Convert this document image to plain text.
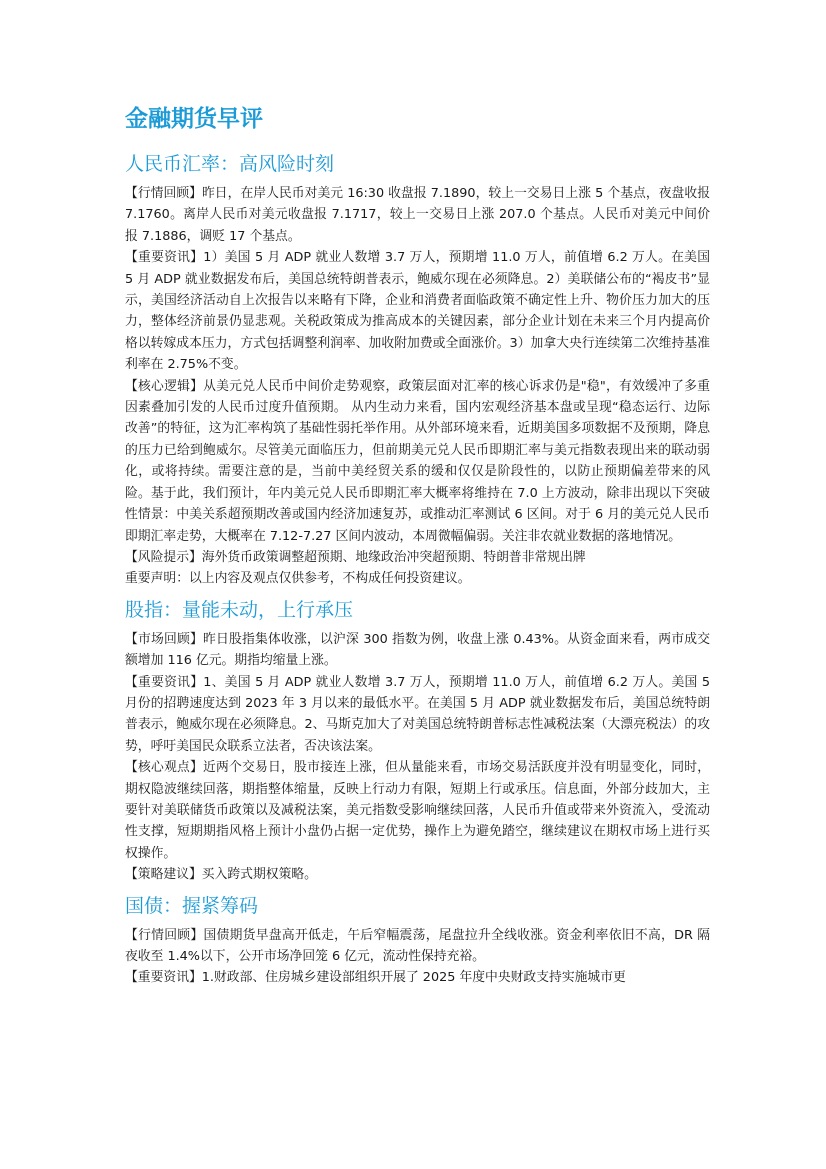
金融期货早评
人民币汇率：高风险时刻

【行情回顾】昨日，在岸人民币对美元 16:30 收盘报 7.1890，较上一交易日上涨 5 个基点，夜盘收报 7.1760。离岸人民币对美元收盘报 7.1717，较上一交易日上涨 207.0 个基点。人民币对美元中间价报 7.1886，调贬 17 个基点。

【重要资讯】1）美国 5 月 ADP 就业人数增 3.7 万人，预期增 11.0 万人，前值增 6.2 万人。在美国 5 月 ADP 就业数据发布后，美国总统特朗普表示，鲍威尔现在必须降息。2）美联储公布的“褐皮书”显示，美国经济活动自上次报告以来略有下降，企业和消费者面临政策不确定性上升、物价压力加大的压力，整体经济前景仍显悲观。关税政策成为推高成本的关键因素，部分企业计划在未来三个月内提高价格以转嫁成本压力，方式包括调整利润率、加收附加费或全面涨价。3）加拿大央行连续第二次维持基准利率在 2.75%不变。

【核心逻辑】从美元兑人民币中间价走势观察，政策层面对汇率的核心诉求仍是"稳"，有效缓冲了多重因素叠加引发的人民币过度升值预期。 从内生动力来看，国内宏观经济基本盘或呈现“稳态运行、边际改善”的特征，这为汇率构筑了基础性弱托举作用。从外部环境来看，近期美国多项数据不及预期，降息的压力已给到鲍威尔。尽管美元面临压力，但前期美元兑人民币即期汇率与美元指数表现出来的联动弱化，或将持续。需要注意的是，当前中美经贸关系的缓和仅仅是阶段性的，以防止预期偏差带来的风险。基于此，我们预计，年内美元兑人民币即期汇率大概率将维持在 7.0 上方波动，除非出现以下突破性情景：中美关系超预期改善或国内经济加速复苏，或推动汇率测试 6 区间。对于 6 月的美元兑人民币即期汇率走势，大概率在 7.12-7.27 区间内波动，本周微幅偏弱。关注非农就业数据的落地情况。

【风险提示】海外货币政策调整超预期、地缘政治冲突超预期、特朗普非常规出牌

重要声明：以上内容及观点仅供参考，不构成任何投资建议。

股指：量能未动，上行承压

【市场回顾】昨日股指集体收涨，以沪深 300 指数为例，收盘上涨 0.43%。从资金面来看，两市成交额增加 116 亿元。期指均缩量上涨。

【重要资讯】1、美国 5 月 ADP 就业人数增 3.7 万人，预期增 11.0 万人，前值增 6.2 万人。美国 5 月份的招聘速度达到 2023 年 3 月以来的最低水平。在美国 5 月 ADP 就业数据发布后，美国总统特朗普表示，鲍威尔现在必须降息。2、马斯克加大了对美国总统特朗普标志性减税法案（大漂亮税法）的攻势，呼吁美国民众联系立法者，否决该法案。

【核心观点】近两个交易日，股市接连上涨，但从量能来看，市场交易活跃度并没有明显变化，同时，期权隐波继续回落，期指整体缩量，反映上行动力有限，短期上行或承压。信息面，外部分歧加大，主要针对美联储货币政策以及减税法案，美元指数受影响继续回落，人民币升值或带来外资流入，受流动性支撑，短期期指风格上预计小盘仍占据一定优势，操作上为避免踏空，继续建议在期权市场上进行买权操作。

【策略建议】买入跨式期权策略。

国债：握紧筹码

【行情回顾】国债期货早盘高开低走，午后窄幅震荡，尾盘拉升全线收涨。资金利率依旧不高，DR 隔夜收至 1.4%以下，公开市场净回笼 6 亿元，流动性保持充裕。

【重要资讯】1.财政部、住房城乡建设部组织开展了 2025 年度中央财政支持实施城市更
